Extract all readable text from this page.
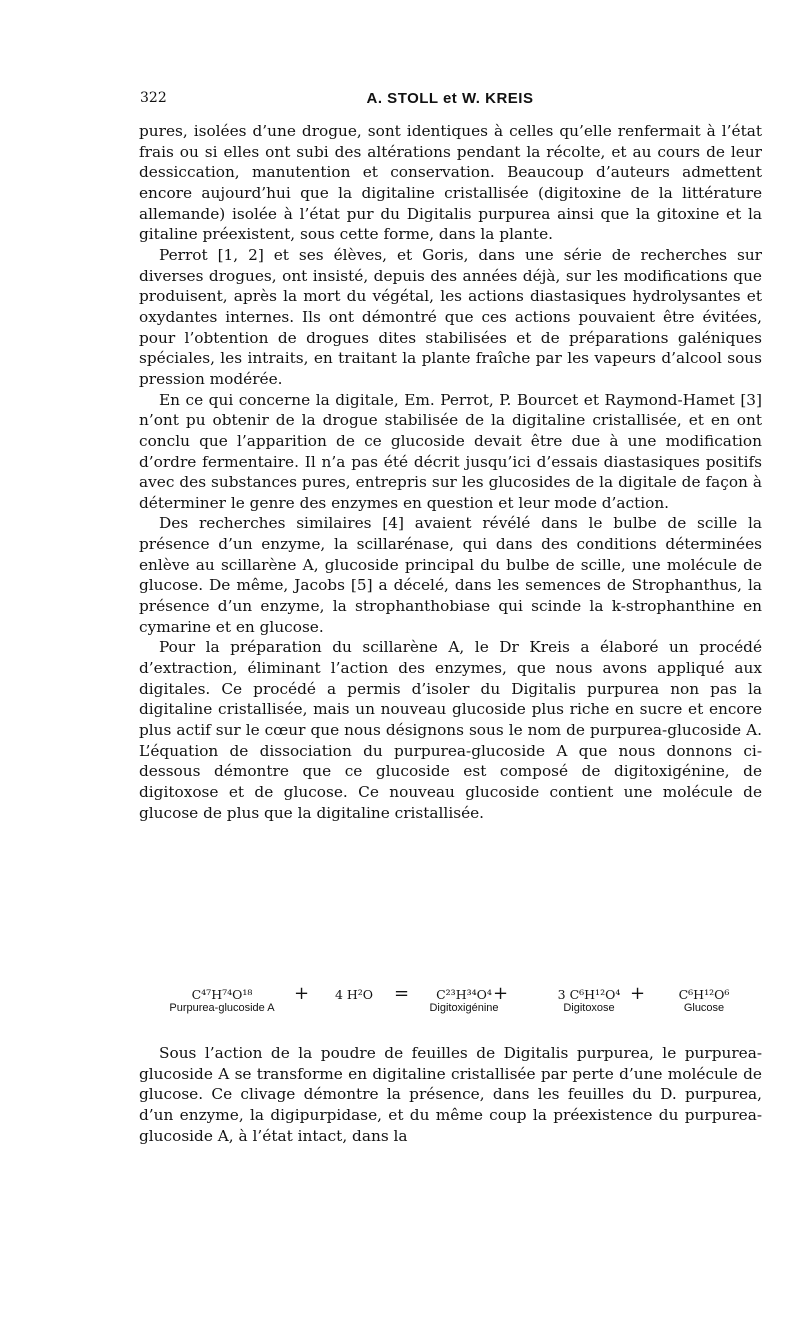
322	A. STOLL et W. KREIS

pures, isolées d’une drogue, sont identiques à celles qu’elle renfermait à l’état frais ou si elles ont subi des altérations pendant la récolte, et au cours de leur dessiccation, manutention et conservation. Beaucoup d’auteurs admettent encore aujourd’hui que la digitaline cristallisée (digitoxine de la littérature allemande) isolée à l’état pur du Digitalis purpurea ainsi que la gitoxine et la gitaline préexistent, sous cette forme, dans la plante.

Perrot [1, 2] et ses élèves, et Goris, dans une série de recherches sur diverses drogues, ont insisté, depuis des années déjà, sur les modifications que produisent, après la mort du végétal, les actions diastasiques hydrolysantes et oxydantes internes. Ils ont démontré que ces actions pouvaient être évitées, pour l’obtention de drogues dites stabilisées et de préparations galéniques spéciales, les intraits, en traitant la plante fraîche par les vapeurs d’alcool sous pression modérée.

En ce qui concerne la digitale, Em. Perrot, P. Bourcet et Raymond-Hamet [3] n’ont pu obtenir de la drogue stabilisée de la digitaline cristallisée, et en ont conclu que l’apparition de ce glucoside devait être due à une modification d’ordre fermentaire. Il n’a pas été décrit jusqu’ici d’essais diastasiques positifs avec des substances pures, entrepris sur les glucosides de la digitale de façon à déterminer le genre des enzymes en question et leur mode d’action.

Des recherches similaires [4] avaient révélé dans le bulbe de scille la présence d’un enzyme, la scillarénase, qui dans des conditions déterminées enlève au scillarène A, glucoside principal du bulbe de scille, une molécule de glucose. De même, Jacobs [5] a décelé, dans les semences de Strophanthus, la présence d’un enzyme, la strophanthobiase qui scinde la k-strophanthine en cymarine et en glucose.

Pour la préparation du scillarène A, le Dr Kreis a élaboré un procédé d’extraction, éliminant l’action des enzymes, que nous avons appliqué aux digitales. Ce procédé a permis d’isoler du Digitalis purpurea non pas la digitaline cristallisée, mais un nouveau glucoside plus riche en sucre et encore plus actif sur le cœur que nous désignons sous le nom de purpurea-glucoside A. L’équation de dissociation du purpurea-glucoside A que nous donnons ci-dessous démontre que ce glucoside est composé de digitoxigénine, de digitoxose et de glucose. Ce nouveau glucoside contient une molécule de glucose de plus que la digitaline cristallisée.

C⁴⁷H⁷⁴O¹⁸
Purpurea-glucoside A
+	4 H²O	=	C²³H³⁴O⁴
Digitoxigénine
+	3 C⁶H¹²O⁴
Digitoxose
+	C⁶H¹²O⁶
Glucose

Sous l’action de la poudre de feuilles de Digitalis purpurea, le purpurea-glucoside A se transforme en digitaline cristallisée par perte d’une molécule de glucose. Ce clivage démontre la présence, dans les feuilles du D. purpurea, d’un enzyme, la digipurpidase, et du même coup la préexistence du purpurea-glucoside A, à l’état intact, dans la
